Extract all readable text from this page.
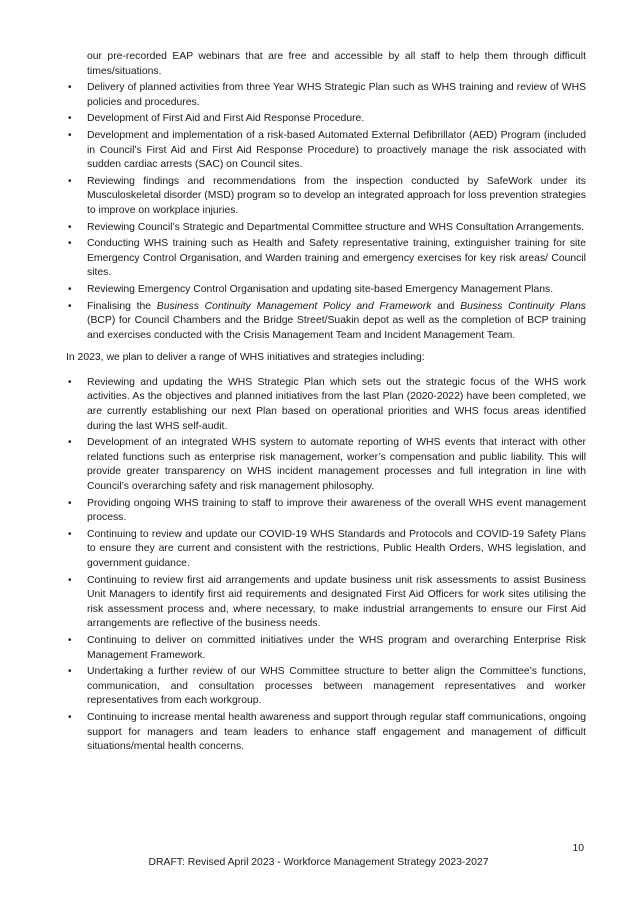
our pre-recorded EAP webinars that are free and accessible by all staff to help them through difficult times/situations.

• Delivery of planned activities from three Year WHS Strategic Plan such as WHS training and review of WHS policies and procedures.
• Development of First Aid and First Aid Response Procedure.
• Development and implementation of a risk-based Automated External Defibrillator (AED) Program (included in Council’s First Aid and First Aid Response Procedure) to proactively manage the risk associated with sudden cardiac arrests (SAC) on Council sites.
• Reviewing findings and recommendations from the inspection conducted by SafeWork under its Musculoskeletal disorder (MSD) program so to develop an integrated approach for loss prevention strategies to improve on workplace injuries.
• Reviewing Council’s Strategic and Departmental Committee structure and WHS Consultation Arrangements.
• Conducting WHS training such as Health and Safety representative training, extinguisher training for site Emergency Control Organisation, and Warden training and emergency exercises for key risk areas/ Council sites.
• Reviewing Emergency Control Organisation and updating site-based Emergency Management Plans.
• Finalising the Business Continuity Management Policy and Framework and Business Continuity Plans (BCP) for Council Chambers and the Bridge Street/Suakin depot as well as the completion of BCP training and exercises conducted with the Crisis Management Team and Incident Management Team.

In 2023, we plan to deliver a range of WHS initiatives and strategies including:

• Reviewing and updating the WHS Strategic Plan which sets out the strategic focus of the WHS work activities. As the objectives and planned initiatives from the last Plan (2020-2022) have been completed, we are currently establishing our next Plan based on operational priorities and WHS focus areas identified during the last WHS self-audit.
• Development of an integrated WHS system to automate reporting of WHS events that interact with other related functions such as enterprise risk management, worker’s compensation and public liability. This will provide greater transparency on WHS incident management processes and full integration in line with Council’s overarching safety and risk management philosophy.
• Providing ongoing WHS training to staff to improve their awareness of the overall WHS event management process.
• Continuing to review and update our COVID-19 WHS Standards and Protocols and COVID-19 Safety Plans to ensure they are current and consistent with the restrictions, Public Health Orders, WHS legislation, and government guidance.
• Continuing to review first aid arrangements and update business unit risk assessments to assist Business Unit Managers to identify first aid requirements and designated First Aid Officers for work sites utilising the risk assessment process and, where necessary, to make industrial arrangements to ensure our First Aid arrangements are reflective of the business needs.
• Continuing to deliver on committed initiatives under the WHS program and overarching Enterprise Risk Management Framework.
• Undertaking a further review of our WHS Committee structure to better align the Committee’s functions, communication, and consultation processes between management representatives and worker representatives from each workgroup.
• Continuing to increase mental health awareness and support through regular staff communications, ongoing support for managers and team leaders to enhance staff engagement and management of difficult situations/mental health concerns.
10
DRAFT: Revised April 2023 - Workforce Management Strategy 2023-2027
